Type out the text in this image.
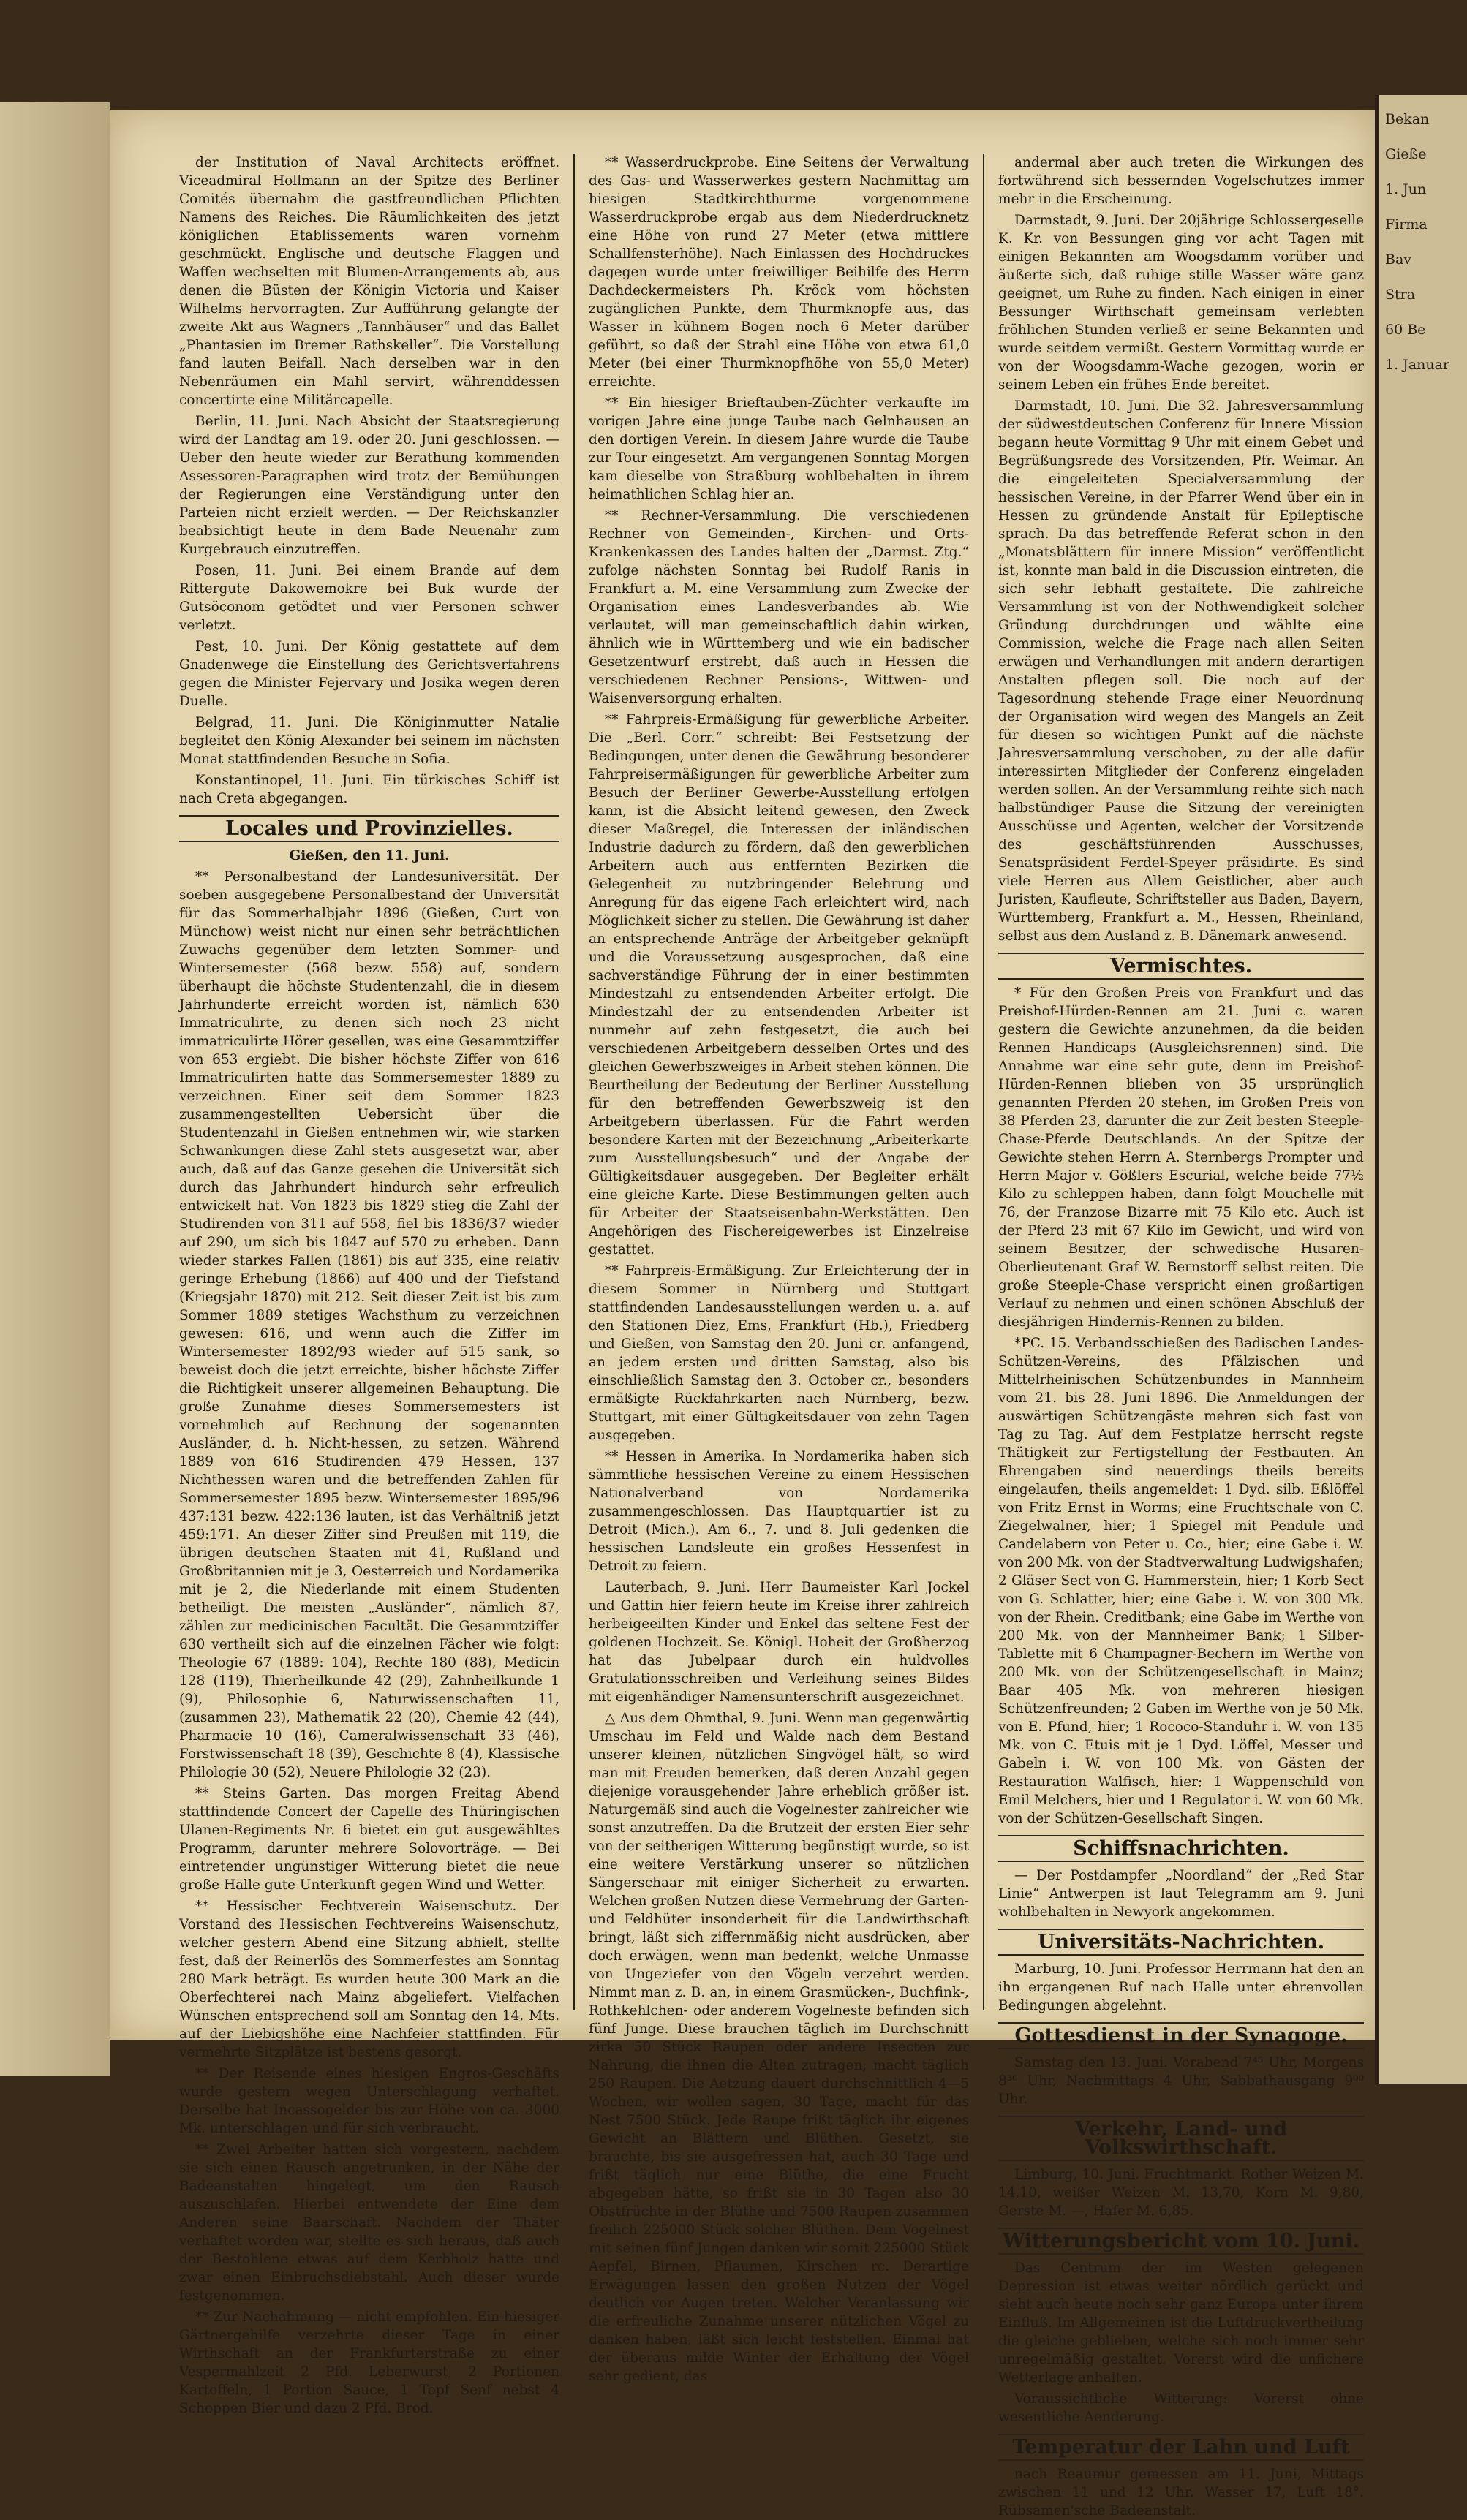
der Institution of Naval Architects eröffnet. Viceadmiral Hollmann an der Spitze des Berliner Comités übernahm die gastfreundlichen Pflichten Namens des Reiches. Die Räumlichkeiten des jetzt königlichen Etablissements waren vornehm geschmückt. Englische und deutsche Flaggen und Waffen wechselten mit Blumen-Arrangements ab, aus denen die Büsten der Königin Victoria und Kaiser Wilhelms hervorragten. Zur Aufführung gelangte der zweite Akt aus Wagners „Tannhäuser“ und das Ballet „Phantasien im Bremer Rathskeller“. Die Vorstellung fand lauten Beifall. Nach derselben war in den Nebenräumen ein Mahl servirt, währenddessen concertirte eine Militärcapelle.

Berlin, 11. Juni. Nach Absicht der Staatsregierung wird der Landtag am 19. oder 20. Juni geschlossen. — Ueber den heute wieder zur Berathung kommenden Assessoren-Paragraphen wird trotz der Bemühungen der Regierungen eine Verständigung unter den Parteien nicht erzielt werden. — Der Reichskanzler beabsichtigt heute in dem Bade Neuenahr zum Kurgebrauch einzutreffen.

Posen, 11. Juni. Bei einem Brande auf dem Rittergute Dakowemokre bei Buk wurde der Gutsöconom getödtet und vier Personen schwer verletzt.

Pest, 10. Juni. Der König gestattete auf dem Gnadenwege die Einstellung des Gerichtsverfahrens gegen die Minister Fejervary und Josika wegen deren Duelle.

Belgrad, 11. Juni. Die Königinmutter Natalie begleitet den König Alexander bei seinem im nächsten Monat stattfindenden Besuche in Sofia.

Konstantinopel, 11. Juni. Ein türkisches Schiff ist nach Creta abgegangen.

Locales und Provinzielles.
Gießen, den 11. Juni.

** Personalbestand der Landesuniversität. Der soeben ausgegebene Personalbestand der Universität für das Sommerhalbjahr 1896 (Gießen, Curt von Münchow) weist nicht nur einen sehr beträchtlichen Zuwachs gegenüber dem letzten Sommer- und Wintersemester (568 bezw. 558) auf, sondern überhaupt die höchste Studentenzahl, die in diesem Jahrhunderte erreicht worden ist, nämlich 630 Immatriculirte, zu denen sich noch 23 nicht immatriculirte Hörer gesellen, was eine Gesammtziffer von 653 ergiebt. Die bisher höchste Ziffer von 616 Immatriculirten hatte das Sommersemester 1889 zu verzeichnen. Einer seit dem Sommer 1823 zusammengestellten Uebersicht über die Studentenzahl in Gießen entnehmen wir, wie starken Schwankungen diese Zahl stets ausgesetzt war, aber auch, daß auf das Ganze gesehen die Universität sich durch das Jahrhundert hindurch sehr erfreulich entwickelt hat. Von 1823 bis 1829 stieg die Zahl der Studirenden von 311 auf 558, fiel bis 1836/37 wieder auf 290, um sich bis 1847 auf 570 zu erheben. Dann wieder starkes Fallen (1861) bis auf 335, eine relativ geringe Erhebung (1866) auf 400 und der Tiefstand (Kriegsjahr 1870) mit 212. Seit dieser Zeit ist bis zum Sommer 1889 stetiges Wachsthum zu verzeichnen gewesen: 616, und wenn auch die Ziffer im Wintersemester 1892/93 wieder auf 515 sank, so beweist doch die jetzt erreichte, bisher höchste Ziffer die Richtigkeit unserer allgemeinen Behauptung. Die große Zunahme dieses Sommersemesters ist vornehmlich auf Rechnung der sogenannten Ausländer, d. h. Nicht-hessen, zu setzen. Während 1889 von 616 Studirenden 479 Hessen, 137 Nichthessen waren und die betreffenden Zahlen für Sommersemester 1895 bezw. Wintersemester 1895/96 437:131 bezw. 422:136 lauten, ist das Verhältniß jetzt 459:171. An dieser Ziffer sind Preußen mit 119, die übrigen deutschen Staaten mit 41, Rußland und Großbritannien mit je 3, Oesterreich und Nordamerika mit je 2, die Niederlande mit einem Studenten betheiligt. Die meisten „Ausländer“, nämlich 87, zählen zur medicinischen Facultät. Die Gesammtziffer 630 vertheilt sich auf die einzelnen Fächer wie folgt: Theologie 67 (1889: 104), Rechte 180 (88), Medicin 128 (119), Thierheilkunde 42 (29), Zahnheilkunde 1 (9), Philosophie 6, Naturwissenschaften 11, (zusammen 23), Mathematik 22 (20), Chemie 42 (44), Pharmacie 10 (16), Cameralwissenschaft 33 (46), Forstwissenschaft 18 (39), Geschichte 8 (4), Klassische Philologie 30 (52), Neuere Philologie 32 (23).

** Steins Garten. Das morgen Freitag Abend stattfindende Concert der Capelle des Thüringischen Ulanen-Regiments Nr. 6 bietet ein gut ausgewähltes Programm, darunter mehrere Solovorträge. — Bei eintretender ungünstiger Witterung bietet die neue große Halle gute Unterkunft gegen Wind und Wetter.

** Hessischer Fechtverein Waisenschutz. Der Vorstand des Hessischen Fechtvereins Waisenschutz, welcher gestern Abend eine Sitzung abhielt, stellte fest, daß der Reinerlös des Sommerfestes am Sonntag 280 Mark beträgt. Es wurden heute 300 Mark an die Oberfechterei nach Mainz abgeliefert. Vielfachen Wünschen entsprechend soll am Sonntag den 14. Mts. auf der Liebigshöhe eine Nachfeier stattfinden. Für vermehrte Sitzplätze ist bestens gesorgt.

** Der Reisende eines hiesigen Engros-Geschäfts wurde gestern wegen Unterschlagung verhaftet. Derselbe hat Incassogelder bis zur Höhe von ca. 3000 Mk. unterschlagen und für sich verbraucht.

** Zwei Arbeiter hatten sich vorgestern, nachdem sie sich einen Rausch angetrunken, in der Nähe der Badeanstalten hingelegt, um den Rausch auszuschlafen. Hierbei entwendete der Eine dem Anderen seine Baarschaft. Nachdem der Thäter verhaftet worden war, stellte es sich heraus, daß auch der Bestohlene etwas auf dem Kerbholz hatte und zwar einen Einbruchsdiebstahl. Auch dieser wurde festgenommen.

** Zur Nachahmung — nicht empfohlen. Ein hiesiger Gärtnergehilfe verzehrte dieser Tage in einer Wirthschaft an der Frankfurterstraße zu einer Vespermahlzeit 2 Pfd. Leberwurst, 2 Portionen Kartoffeln, 1 Portion Sauce, 1 Topf Senf nebst 4 Schoppen Bier und dazu 2 Pfd. Brod.

** Wasserdruckprobe. Eine Seitens der Verwaltung des Gas- und Wasserwerkes gestern Nachmittag am hiesigen Stadtkirchthurme vorgenommene Wasserdruckprobe ergab aus dem Niederdrucknetz eine Höhe von rund 27 Meter (etwa mittlere Schallfensterhöhe). Nach Einlassen des Hochdruckes dagegen wurde unter freiwilliger Beihilfe des Herrn Dachdeckermeisters Ph. Kröck vom höchsten zugänglichen Punkte, dem Thurmknopfe aus, das Wasser in kühnem Bogen noch 6 Meter darüber geführt, so daß der Strahl eine Höhe von etwa 61,0 Meter (bei einer Thurmknopfhöhe von 55,0 Meter) erreichte.

** Ein hiesiger Brieftauben-Züchter verkaufte im vorigen Jahre eine junge Taube nach Gelnhausen an den dortigen Verein. In diesem Jahre wurde die Taube zur Tour eingesetzt. Am vergangenen Sonntag Morgen kam dieselbe von Straßburg wohlbehalten in ihrem heimathlichen Schlag hier an.

** Rechner-Versammlung. Die verschiedenen Rechner von Gemeinden-, Kirchen- und Orts-Krankenkassen des Landes halten der „Darmst. Ztg.“ zufolge nächsten Sonntag bei Rudolf Ranis in Frankfurt a. M. eine Versammlung zum Zwecke der Organisation eines Landesverbandes ab. Wie verlautet, will man gemeinschaftlich dahin wirken, ähnlich wie in Württemberg und wie ein badischer Gesetzentwurf erstrebt, daß auch in Hessen die verschiedenen Rechner Pensions-, Wittwen- und Waisenversorgung erhalten.

** Fahrpreis-Ermäßigung für gewerbliche Arbeiter. Die „Berl. Corr.“ schreibt: Bei Festsetzung der Bedingungen, unter denen die Gewährung besonderer Fahrpreisermäßigungen für gewerbliche Arbeiter zum Besuch der Berliner Gewerbe-Ausstellung erfolgen kann, ist die Absicht leitend gewesen, den Zweck dieser Maßregel, die Interessen der inländischen Industrie dadurch zu fördern, daß den gewerblichen Arbeitern auch aus entfernten Bezirken die Gelegenheit zu nutzbringender Belehrung und Anregung für das eigene Fach erleichtert wird, nach Möglichkeit sicher zu stellen. Die Gewährung ist daher an entsprechende Anträge der Arbeitgeber geknüpft und die Voraussetzung ausgesprochen, daß eine sachverständige Führung der in einer bestimmten Mindestzahl zu entsendenden Arbeiter erfolgt. Die Mindestzahl der zu entsendenden Arbeiter ist nunmehr auf zehn festgesetzt, die auch bei verschiedenen Arbeitgebern desselben Ortes und des gleichen Gewerbszweiges in Arbeit stehen können. Die Beurtheilung der Bedeutung der Berliner Ausstellung für den betreffenden Gewerbszweig ist den Arbeitgebern überlassen. Für die Fahrt werden besondere Karten mit der Bezeichnung „Arbeiterkarte zum Ausstellungsbesuch“ und der Angabe der Gültigkeitsdauer ausgegeben. Der Begleiter erhält eine gleiche Karte. Diese Bestimmungen gelten auch für Arbeiter der Staatseisenbahn-Werkstätten. Den Angehörigen des Fischereigewerbes ist Einzelreise gestattet.

** Fahrpreis-Ermäßigung. Zur Erleichterung der in diesem Sommer in Nürnberg und Stuttgart stattfindenden Landesausstellungen werden u. a. auf den Stationen Diez, Ems, Frankfurt (Hb.), Friedberg und Gießen, von Samstag den 20. Juni cr. anfangend, an jedem ersten und dritten Samstag, also bis einschließlich Samstag den 3. October cr., besonders ermäßigte Rückfahrkarten nach Nürnberg, bezw. Stuttgart, mit einer Gültigkeitsdauer von zehn Tagen ausgegeben.

** Hessen in Amerika. In Nordamerika haben sich sämmtliche hessischen Vereine zu einem Hessischen Nationalverband von Nordamerika zusammengeschlossen. Das Hauptquartier ist zu Detroit (Mich.). Am 6., 7. und 8. Juli gedenken die hessischen Landsleute ein großes Hessenfest in Detroit zu feiern.

Lauterbach, 9. Juni. Herr Baumeister Karl Jockel und Gattin hier feiern heute im Kreise ihrer zahlreich herbeigeeilten Kinder und Enkel das seltene Fest der goldenen Hochzeit. Se. Königl. Hoheit der Großherzog hat das Jubelpaar durch ein huldvolles Gratulationsschreiben und Verleihung seines Bildes mit eigenhändiger Namensunterschrift ausgezeichnet.

△ Aus dem Ohmthal, 9. Juni. Wenn man gegenwärtig Umschau im Feld und Walde nach dem Bestand unserer kleinen, nützlichen Singvögel hält, so wird man mit Freuden bemerken, daß deren Anzahl gegen diejenige vorausgehender Jahre erheblich größer ist. Naturgemäß sind auch die Vogelnester zahlreicher wie sonst anzutreffen. Da die Brutzeit der ersten Eier sehr von der seitherigen Witterung begünstigt wurde, so ist eine weitere Verstärkung unserer so nützlichen Sängerschaar mit einiger Sicherheit zu erwarten. Welchen großen Nutzen diese Vermehrung der Garten- und Feldhüter insonderheit für die Landwirthschaft bringt, läßt sich ziffernmäßig nicht ausdrücken, aber doch erwägen, wenn man bedenkt, welche Unmasse von Ungeziefer von den Vögeln verzehrt werden. Nimmt man z. B. an, in einem Grasmücken-, Buchfink-, Rothkehlchen- oder anderem Vogelneste befinden sich fünf Junge. Diese brauchen täglich im Durchschnitt zirka 50 Stück Raupen oder andere Insecten zur Nahrung, die ihnen die Alten zutragen; macht täglich 250 Raupen. Die Aetzung dauert durchschnittlich 4—5 Wochen, wir wollen sagen, 30 Tage, macht für das Nest 7500 Stück. Jede Raupe frißt täglich ihr eigenes Gewicht an Blättern und Blüthen. Gesetzt, sie brauchte, bis sie ausgefressen hat, auch 30 Tage und frißt täglich nur eine Blüthe, die eine Frucht abgegeben hätte, so frißt sie in 30 Tagen also 30 Obstfrüchte in der Blüthe und 7500 Raupen zusammen freilich 225000 Stück solcher Blüthen. Dem Vogelnest mit seinen fünf Jungen danken wir somit 225000 Stück Aepfel, Birnen, Pflaumen, Kirschen rc. Derartige Erwägungen lassen den großen Nutzen der Vögel deutlich vor Augen treten. Welcher Veranlassung wir die erfreuliche Zunahme unserer nützlichen Vögel zu danken haben, läßt sich leicht feststellen. Einmal hat der überaus milde Winter der Erhaltung der Vögel sehr gedient, das

andermal aber auch treten die Wirkungen des fortwährend sich bessernden Vogelschutzes immer mehr in die Erscheinung.

Darmstadt, 9. Juni. Der 20jährige Schlossergeselle K. Kr. von Bessungen ging vor acht Tagen mit einigen Bekannten am Woogsdamm vorüber und äußerte sich, daß ruhige stille Wasser wäre ganz geeignet, um Ruhe zu finden. Nach einigen in einer Bessunger Wirthschaft gemeinsam verlebten fröhlichen Stunden verließ er seine Bekannten und wurde seitdem vermißt. Gestern Vormittag wurde er von der Woogsdamm-Wache gezogen, worin er seinem Leben ein frühes Ende bereitet.

Darmstadt, 10. Juni. Die 32. Jahresversammlung der südwestdeutschen Conferenz für Innere Mission begann heute Vormittag 9 Uhr mit einem Gebet und Begrüßungsrede des Vorsitzenden, Pfr. Weimar. An die eingeleiteten Specialversammlung der hessischen Vereine, in der Pfarrer Wend über ein in Hessen zu gründende Anstalt für Epileptische sprach. Da das betreffende Referat schon in den „Monatsblättern für innere Mission“ veröffentlicht ist, konnte man bald in die Discussion eintreten, die sich sehr lebhaft gestaltete. Die zahlreiche Versammlung ist von der Nothwendigkeit solcher Gründung durchdrungen und wählte eine Commission, welche die Frage nach allen Seiten erwägen und Verhandlungen mit andern derartigen Anstalten pflegen soll. Die noch auf der Tagesordnung stehende Frage einer Neuordnung der Organisation wird wegen des Mangels an Zeit für diesen so wichtigen Punkt auf die nächste Jahresversammlung verschoben, zu der alle dafür interessirten Mitglieder der Conferenz eingeladen werden sollen. An der Versammlung reihte sich nach halbstündiger Pause die Sitzung der vereinigten Ausschüsse und Agenten, welcher der Vorsitzende des geschäftsführenden Ausschusses, Senatspräsident Ferdel-Speyer präsidirte. Es sind viele Herren aus Allem Geistlicher, aber auch Juristen, Kaufleute, Schriftsteller aus Baden, Bayern, Württemberg, Frankfurt a. M., Hessen, Rheinland, selbst aus dem Ausland z. B. Dänemark anwesend.

Vermischtes.

* Für den Großen Preis von Frankfurt und das Preishof-Hürden-Rennen am 21. Juni c. waren gestern die Gewichte anzunehmen, da die beiden Rennen Handicaps (Ausgleichsrennen) sind. Die Annahme war eine sehr gute, denn im Preishof-Hürden-Rennen blieben von 35 ursprünglich genannten Pferden 20 stehen, im Großen Preis von 38 Pferden 23, darunter die zur Zeit besten Steeple-Chase-Pferde Deutschlands. An der Spitze der Gewichte stehen Herrn A. Sternbergs Prompter und Herrn Major v. Gößlers Escurial, welche beide 77½ Kilo zu schleppen haben, dann folgt Mouchelle mit 76, der Franzose Bizarre mit 75 Kilo etc. Auch ist der Pferd 23 mit 67 Kilo im Gewicht, und wird von seinem Besitzer, der schwedische Husaren-Oberlieutenant Graf W. Bernstorff selbst reiten. Die große Steeple-Chase verspricht einen großartigen Verlauf zu nehmen und einen schönen Abschluß der diesjährigen Hindernis-Rennen zu bilden.

*PC. 15. Verbandsschießen des Badischen Landes-Schützen-Vereins, des Pfälzischen und Mittelrheinischen Schützenbundes in Mannheim vom 21. bis 28. Juni 1896. Die Anmeldungen der auswärtigen Schützengäste mehren sich fast von Tag zu Tag. Auf dem Festplatze herrscht regste Thätigkeit zur Fertigstellung der Festbauten. An Ehrengaben sind neuerdings theils bereits eingelaufen, theils angemeldet: 1 Dyd. silb. Eßlöffel von Fritz Ernst in Worms; eine Fruchtschale von C. Ziegelwalner, hier; 1 Spiegel mit Pendule und Candelabern von Peter u. Co., hier; eine Gabe i. W. von 200 Mk. von der Stadtverwaltung Ludwigshafen; 2 Gläser Sect von G. Hammerstein, hier; 1 Korb Sect von G. Schlatter, hier; eine Gabe i. W. von 300 Mk. von der Rhein. Creditbank; eine Gabe im Werthe von 200 Mk. von der Mannheimer Bank; 1 Silber-Tablette mit 6 Champagner-Bechern im Werthe von 200 Mk. von der Schützengesellschaft in Mainz; Baar 405 Mk. von mehreren hiesigen Schützenfreunden; 2 Gaben im Werthe von je 50 Mk. von E. Pfund, hier; 1 Rococo-Standuhr i. W. von 135 Mk. von C. Etuis mit je 1 Dyd. Löffel, Messer und Gabeln i. W. von 100 Mk. von Gästen der Restauration Walfisch, hier; 1 Wappenschild von Emil Melchers, hier und 1 Regulator i. W. von 60 Mk. von der Schützen-Gesellschaft Singen.

Schiffsnachrichten.

— Der Postdampfer „Noordland“ der „Red Star Linie“ Antwerpen ist laut Telegramm am 9. Juni wohlbehalten in Newyork angekommen.

Universitäts-Nachrichten.

Marburg, 10. Juni. Professor Herrmann hat den an ihn ergangenen Ruf nach Halle unter ehrenvollen Bedingungen abgelehnt.

Gottesdienst in der Synagoge.

Samstag den 13. Juni. Vorabend 7⁴⁵ Uhr, Morgens 8³⁰ Uhr, Nachmittags 4 Uhr, Sabbathausgang 9⁰⁰ Uhr.

Verkehr, Land- und Volkswirthschaft.

Limburg, 10. Juni. Fruchtmarkt. Rother Weizen M. 14,10, weißer Weizen M. 13,70, Korn M. 9,80, Gerste M. —, Hafer M. 6,85.

Witterungsbericht vom 10. Juni.

Das Centrum der im Westen gelegenen Depression ist etwas weiter nördlich gerückt und sieht auch heute noch sehr ganz Europa unter ihrem Einfluß. Im Allgemeinen ist die Luftdruckvertheilung die gleiche geblieben, welche sich noch immer sehr unregelmäßig gestaltet. Vorerst wird die unfichere Wetterlage anhalten.

Voraussichtliche Witterung: Vorerst ohne wesentliche Aenderung.

Temperatur der Lahn und Luft

nach Reaumur gemessen am 11. Juni, Mittags zwischen 11 und 12 Uhr. Wasser 17, Luft 18°. Rübsamen'sche Badeanstalt.

Bekan
Gieße
1. Jun
Firma
Bav
Stra
60 Be
1. Januar
